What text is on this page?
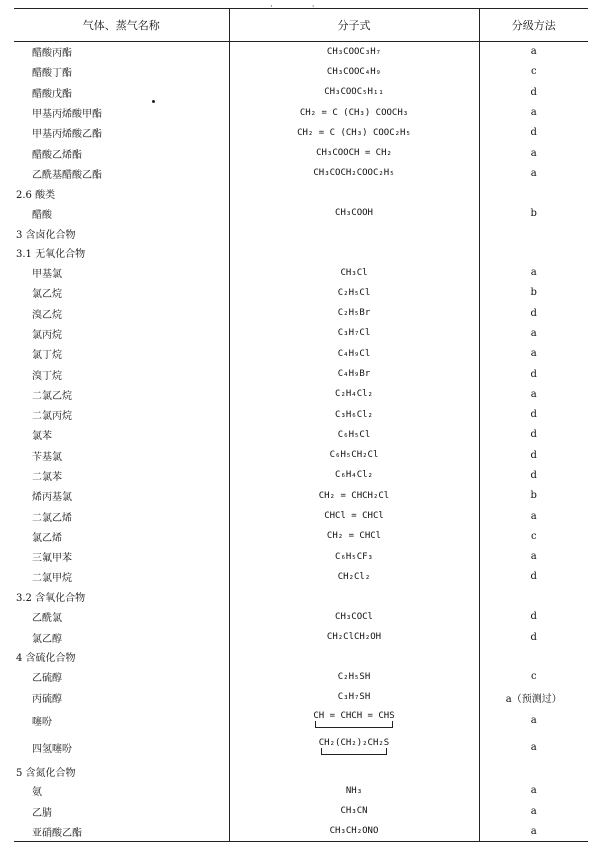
· ·
气体、蒸气名称	分子式	分级方法
醋酸丙酯	CH₃COOC₃H₇	a
醋酸丁酯	CH₃COOC₄H₉	c
醋酸戊酯	CH₃COOC₅H₁₁	d
甲基丙烯酸甲酯	CH₂ = C (CH₃) COOCH₃	a
甲基丙烯酸乙酯	CH₂ = C (CH₃) COOC₂H₅	d
醋酸乙烯酯	CH₃COOCH = CH₂	a
乙酰基醋酸乙酯	CH₃COCH₂COOC₂H₅	a
2.6 酸类		
醋酸	CH₃COOH	b
3 含卤化合物		
3.1 无氧化合物		
甲基氯	CH₃Cl	a
氯乙烷	C₂H₅Cl	b
溴乙烷	C₂H₅Br	d
氯丙烷	C₃H₇Cl	a
氯丁烷	C₄H₉Cl	a
溴丁烷	C₄H₉Br	d
二氯乙烷	C₂H₄Cl₂	a
二氯丙烷	C₃H₆Cl₂	d
氯苯	C₆H₅Cl	d
苄基氯	C₆H₅CH₂Cl	d
二氯苯	C₆H₄Cl₂	d
烯丙基氯	CH₂ = CHCH₂Cl	b
二氯乙烯	CHCl = CHCl	a
氯乙烯	CH₂ = CHCl	c
三氟甲苯	C₆H₅CF₃	a
二氯甲烷	CH₂Cl₂	d
3.2 含氧化合物		
乙酰氯	CH₃COCl	d
氯乙醇	CH₂ClCH₂OH	d
4 含硫化合物		
乙硫醇	C₂H₅SH	c
丙硫醇	C₃H₇SH	a（预测过）
噻吩	CH = CHCH = CHS	a
四氢噻吩	CH₂(CH₂)₂CH₂S	a
5 含氮化合物		
氨	NH₃	a
乙腈	CH₃CN	a
亚硝酸乙酯	CH₃CH₂ONO	a
